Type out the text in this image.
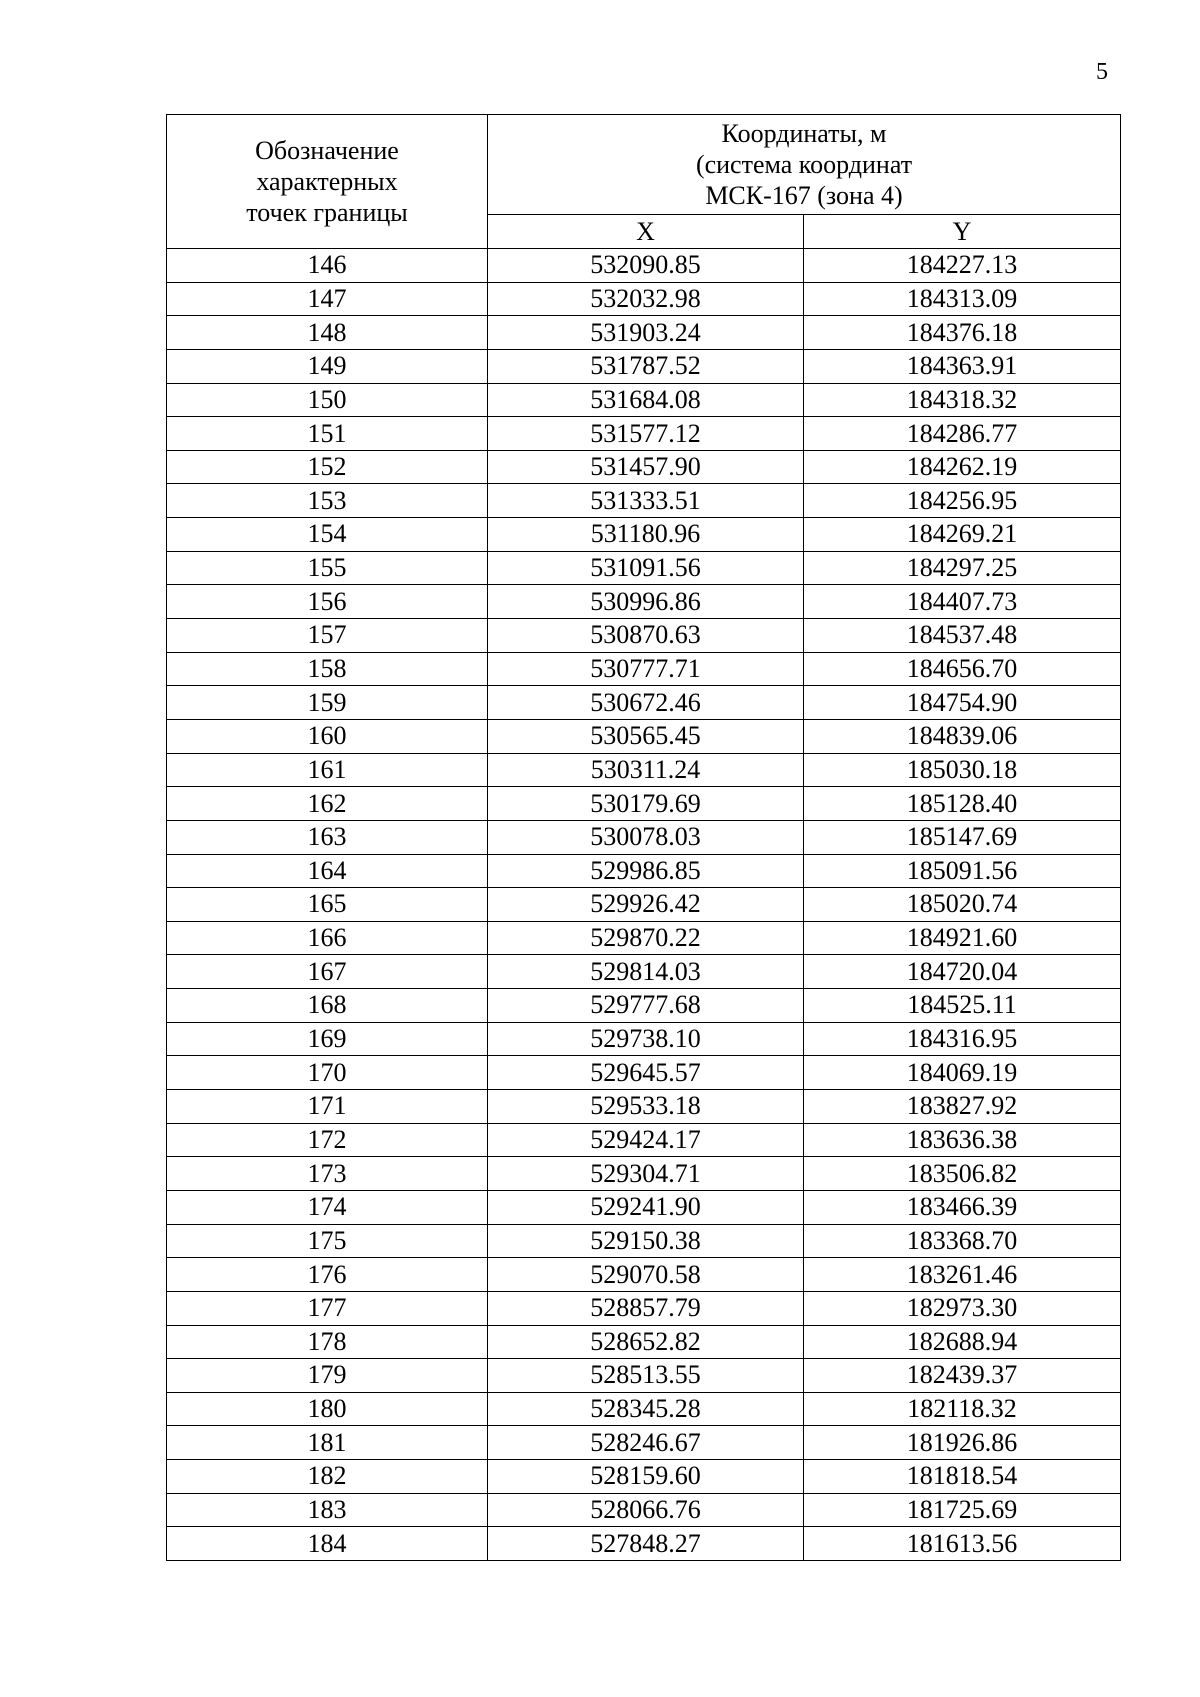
5
Обозначение
характерных
точек границы	Координаты, м
(система координат
МСК-167 (зона 4)	
	X	Y
146	532090.85	184227.13
147	532032.98	184313.09
148	531903.24	184376.18
149	531787.52	184363.91
150	531684.08	184318.32
151	531577.12	184286.77
152	531457.90	184262.19
153	531333.51	184256.95
154	531180.96	184269.21
155	531091.56	184297.25
156	530996.86	184407.73
157	530870.63	184537.48
158	530777.71	184656.70
159	530672.46	184754.90
160	530565.45	184839.06
161	530311.24	185030.18
162	530179.69	185128.40
163	530078.03	185147.69
164	529986.85	185091.56
165	529926.42	185020.74
166	529870.22	184921.60
167	529814.03	184720.04
168	529777.68	184525.11
169	529738.10	184316.95
170	529645.57	184069.19
171	529533.18	183827.92
172	529424.17	183636.38
173	529304.71	183506.82
174	529241.90	183466.39
175	529150.38	183368.70
176	529070.58	183261.46
177	528857.79	182973.30
178	528652.82	182688.94
179	528513.55	182439.37
180	528345.28	182118.32
181	528246.67	181926.86
182	528159.60	181818.54
183	528066.76	181725.69
184	527848.27	181613.56
